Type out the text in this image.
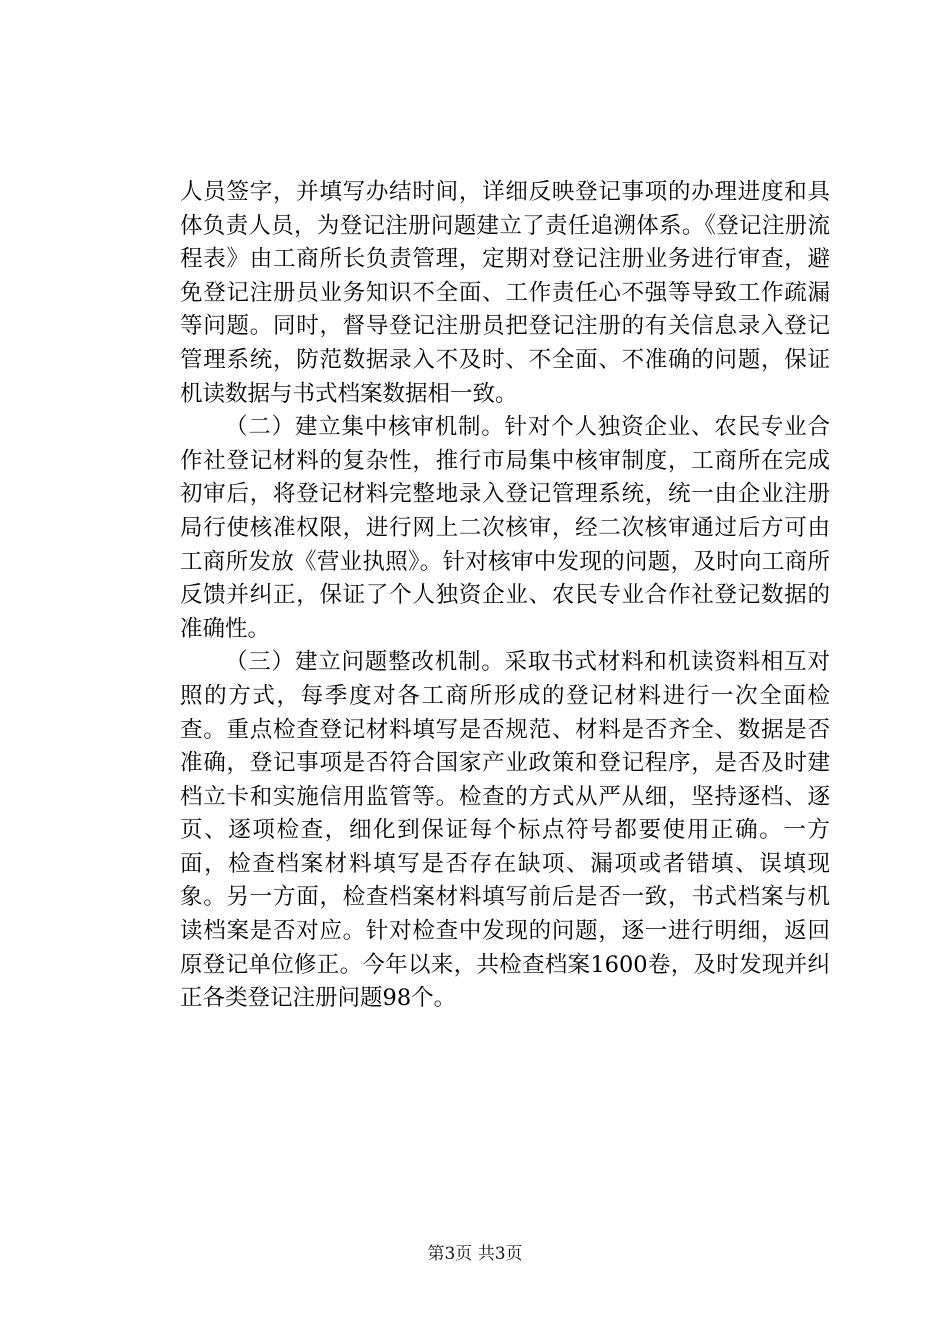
人员签字，并填写办结时间，详细反映登记事项的办理进度和具体负责人员，为登记注册问题建立了责任追溯体系。《登记注册流程表》由工商所长负责管理，定期对登记注册业务进行审查，避免登记注册员业务知识不全面、工作责任心不强等导致工作疏漏等问题。同时，督导登记注册员把登记注册的有关信息录入登记管理系统，防范数据录入不及时、不全面、不准确的问题，保证机读数据与书式档案数据相一致。

（二）建立集中核审机制。针对个人独资企业、农民专业合作社登记材料的复杂性，推行市局集中核审制度，工商所在完成初审后，将登记材料完整地录入登记管理系统，统一由企业注册局行使核准权限，进行网上二次核审，经二次核审通过后方可由工商所发放《营业执照》。针对核审中发现的问题，及时向工商所反馈并纠正，保证了个人独资企业、农民专业合作社登记数据的准确性。

（三）建立问题整改机制。采取书式材料和机读资料相互对照的方式，每季度对各工商所形成的登记材料进行一次全面检查。重点检查登记材料填写是否规范、材料是否齐全、数据是否准确，登记事项是否符合国家产业政策和登记程序，是否及时建档立卡和实施信用监管等。检查的方式从严从细，坚持逐档、逐页、逐项检查，细化到保证每个标点符号都要使用正确。一方面，检查档案材料填写是否存在缺项、漏项或者错填、误填现象。另一方面，检查档案材料填写前后是否一致，书式档案与机读档案是否对应。针对检查中发现的问题，逐一进行明细，返回原登记单位修正。今年以来，共检查档案1600卷，及时发现并纠正各类登记注册问题98个。

第3页 共3页
